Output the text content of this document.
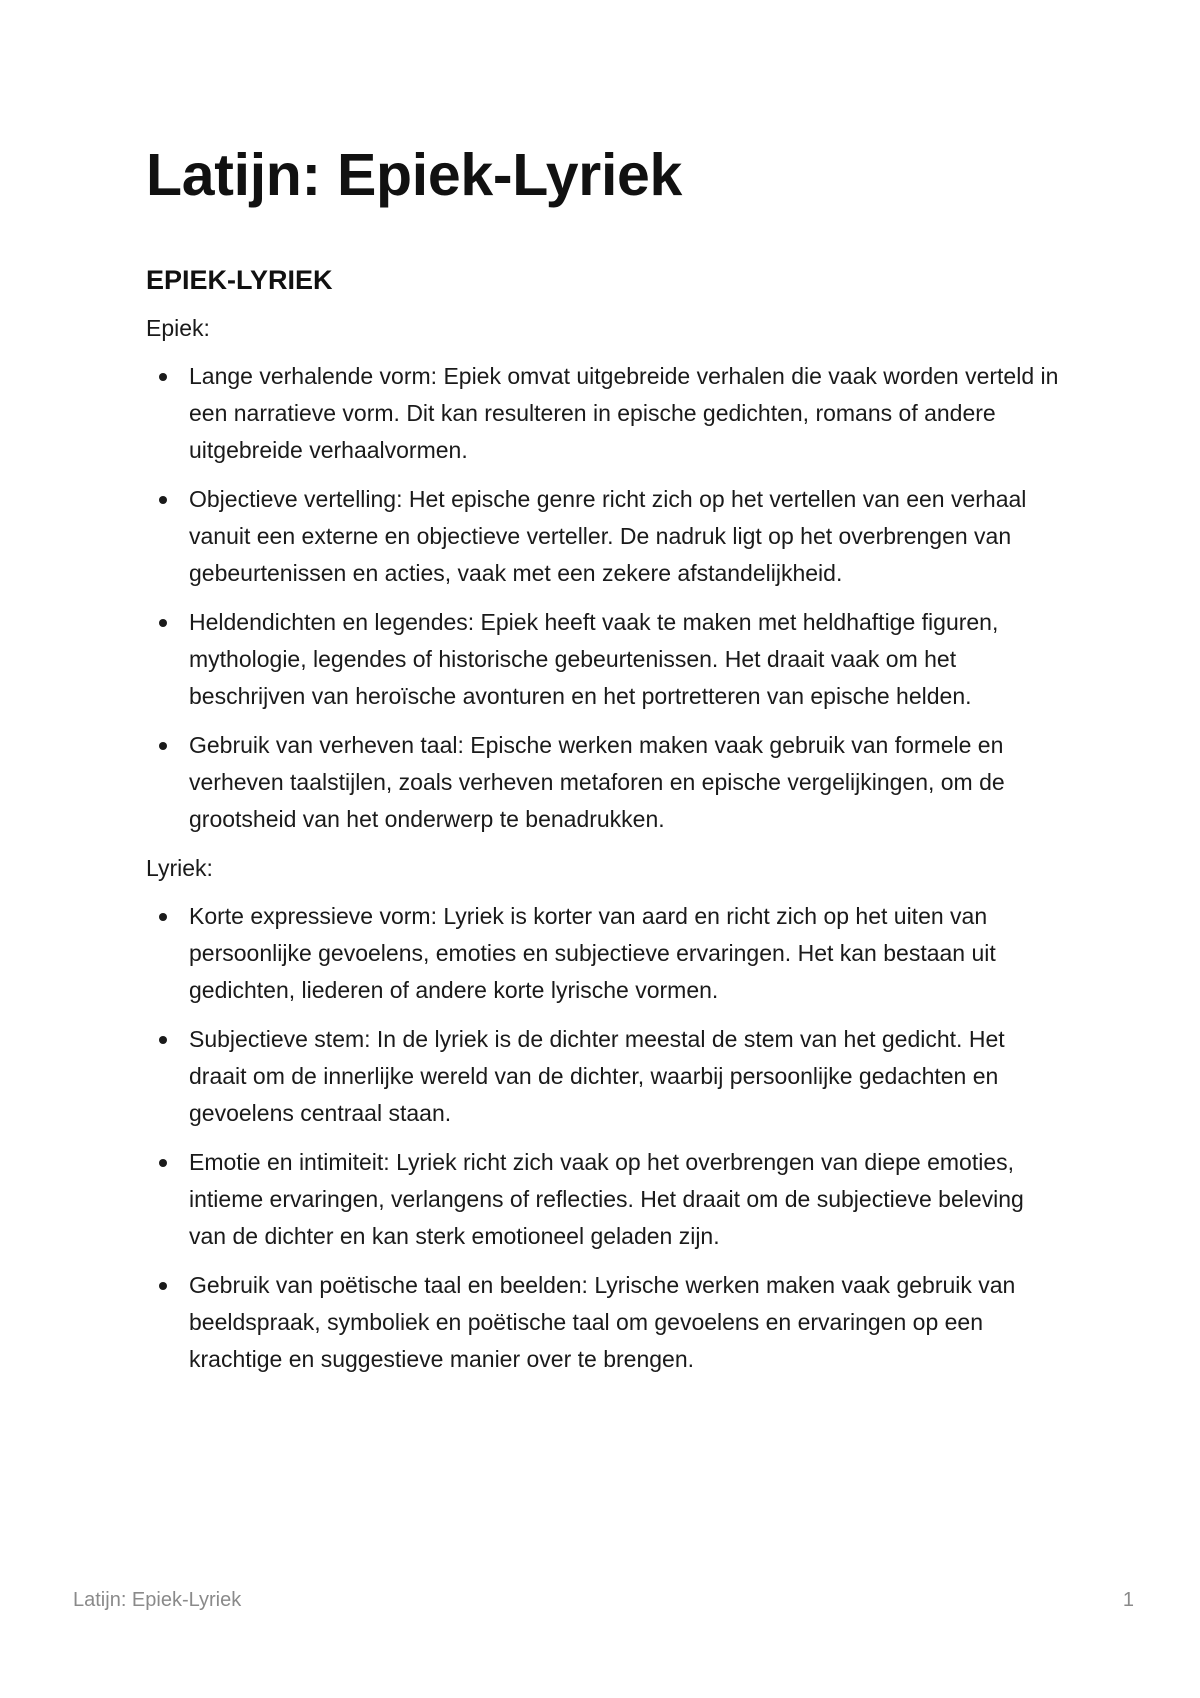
Latijn: Epiek-Lyriek
EPIEK-LYRIEK

Epiek:

Lange verhalende vorm: Epiek omvat uitgebreide verhalen die vaak worden verteld in een narratieve vorm. Dit kan resulteren in epische gedichten, romans of andere uitgebreide verhaalvormen.
Objectieve vertelling: Het epische genre richt zich op het vertellen van een verhaal vanuit een externe en objectieve verteller. De nadruk ligt op het overbrengen van gebeurtenissen en acties, vaak met een zekere afstandelijkheid.
Heldendichten en legendes: Epiek heeft vaak te maken met heldhaftige figuren, mythologie, legendes of historische gebeurtenissen. Het draait vaak om het beschrijven van heroïsche avonturen en het portretteren van epische helden.
Gebruik van verheven taal: Epische werken maken vaak gebruik van formele en verheven taalstijlen, zoals verheven metaforen en epische vergelijkingen, om de grootsheid van het onderwerp te benadrukken.

Lyriek:

Korte expressieve vorm: Lyriek is korter van aard en richt zich op het uiten van persoonlijke gevoelens, emoties en subjectieve ervaringen. Het kan bestaan uit gedichten, liederen of andere korte lyrische vormen.
Subjectieve stem: In de lyriek is de dichter meestal de stem van het gedicht. Het draait om de innerlijke wereld van de dichter, waarbij persoonlijke gedachten en gevoelens centraal staan.
Emotie en intimiteit: Lyriek richt zich vaak op het overbrengen van diepe emoties, intieme ervaringen, verlangens of reflecties. Het draait om de subjectieve beleving van de dichter en kan sterk emotioneel geladen zijn.
Gebruik van poëtische taal en beelden: Lyrische werken maken vaak gebruik van beeldspraak, symboliek en poëtische taal om gevoelens en ervaringen op een krachtige en suggestieve manier over te brengen.
Latijn: Epiek-Lyriek	1
